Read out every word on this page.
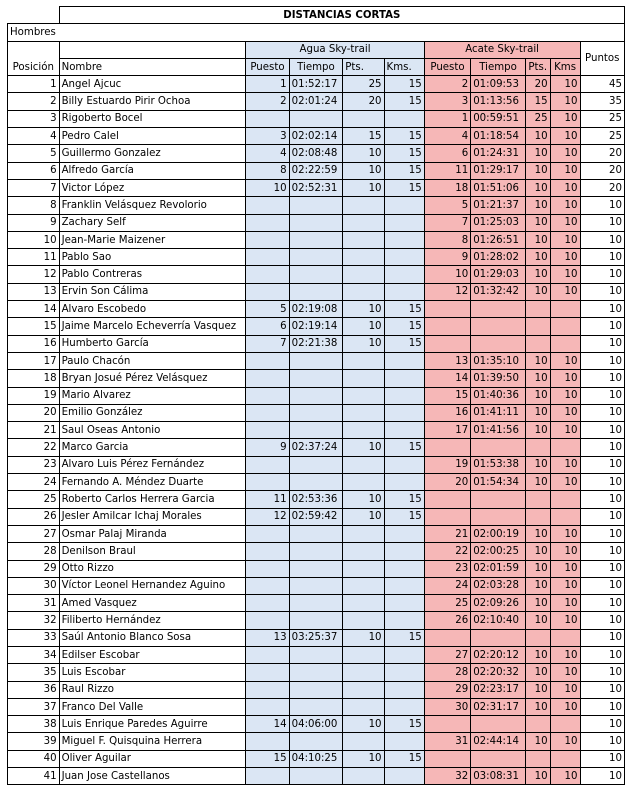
	DISTANCIAS CORTAS									
Hombres										
Posición		Agua Sky-trail				Acate Sky-trail				Puntos
	Nombre	Puesto	Tiempo	Pts.	Kms.	Puesto	Tiempo	Pts.	Kms	
1	Angel Ajcuc	1	01:52:17	25	15	2	01:09:53	20	10	45
2	Billy Estuardo Pirir Ochoa	2	02:01:24	20	15	3	01:13:56	15	10	35
3	Rigoberto Bocel					1	00:59:51	25	10	25
4	Pedro Calel	3	02:02:14	15	15	4	01:18:54	10	10	25
5	Guillermo Gonzalez	4	02:08:48	10	15	6	01:24:31	10	10	20
6	Alfredo García	8	02:22:59	10	15	11	01:29:17	10	10	20
7	Victor López	10	02:52:31	10	15	18	01:51:06	10	10	20
8	Franklin Velásquez Revolorio					5	01:21:37	10	10	10
9	Zachary Self					7	01:25:03	10	10	10
10	Jean-Marie Maizener					8	01:26:51	10	10	10
11	Pablo Sao					9	01:28:02	10	10	10
12	Pablo Contreras					10	01:29:03	10	10	10
13	Ervin Son Cálima					12	01:32:42	10	10	10
14	Alvaro Escobedo	5	02:19:08	10	15					10
15	Jaime Marcelo Echeverría Vasquez	6	02:19:14	10	15					10
16	Humberto García	7	02:21:38	10	15					10
17	Paulo Chacón					13	01:35:10	10	10	10
18	Bryan Josué Pérez Velásquez					14	01:39:50	10	10	10
19	Mario Alvarez					15	01:40:36	10	10	10
20	Emilio González					16	01:41:11	10	10	10
21	Saul Oseas Antonio					17	01:41:56	10	10	10
22	Marco Garcia	9	02:37:24	10	15					10
23	Alvaro Luis Pérez Fernández					19	01:53:38	10	10	10
24	Fernando A. Méndez Duarte					20	01:54:34	10	10	10
25	Roberto Carlos Herrera Garcia	11	02:53:36	10	15					10
26	Jesler Amilcar Ichaj Morales	12	02:59:42	10	15					10
27	Osmar Palaj Miranda					21	02:00:19	10	10	10
28	Denilson Braul					22	02:00:25	10	10	10
29	Otto Rizzo					23	02:01:59	10	10	10
30	Víctor Leonel Hernandez Aguino					24	02:03:28	10	10	10
31	Amed Vasquez					25	02:09:26	10	10	10
32	Filiberto Hernández					26	02:10:40	10	10	10
33	Saúl Antonio Blanco Sosa	13	03:25:37	10	15					10
34	Edilser Escobar					27	02:20:12	10	10	10
35	Luis Escobar					28	02:20:32	10	10	10
36	Raul Rizzo					29	02:23:17	10	10	10
37	Franco Del Valle					30	02:31:17	10	10	10
38	Luis Enrique Paredes Aguirre	14	04:06:00	10	15					10
39	Miguel F. Quisquina Herrera					31	02:44:14	10	10	10
40	Oliver Aguilar	15	04:10:25	10	15					10
41	Juan Jose Castellanos					32	03:08:31	10	10	10
